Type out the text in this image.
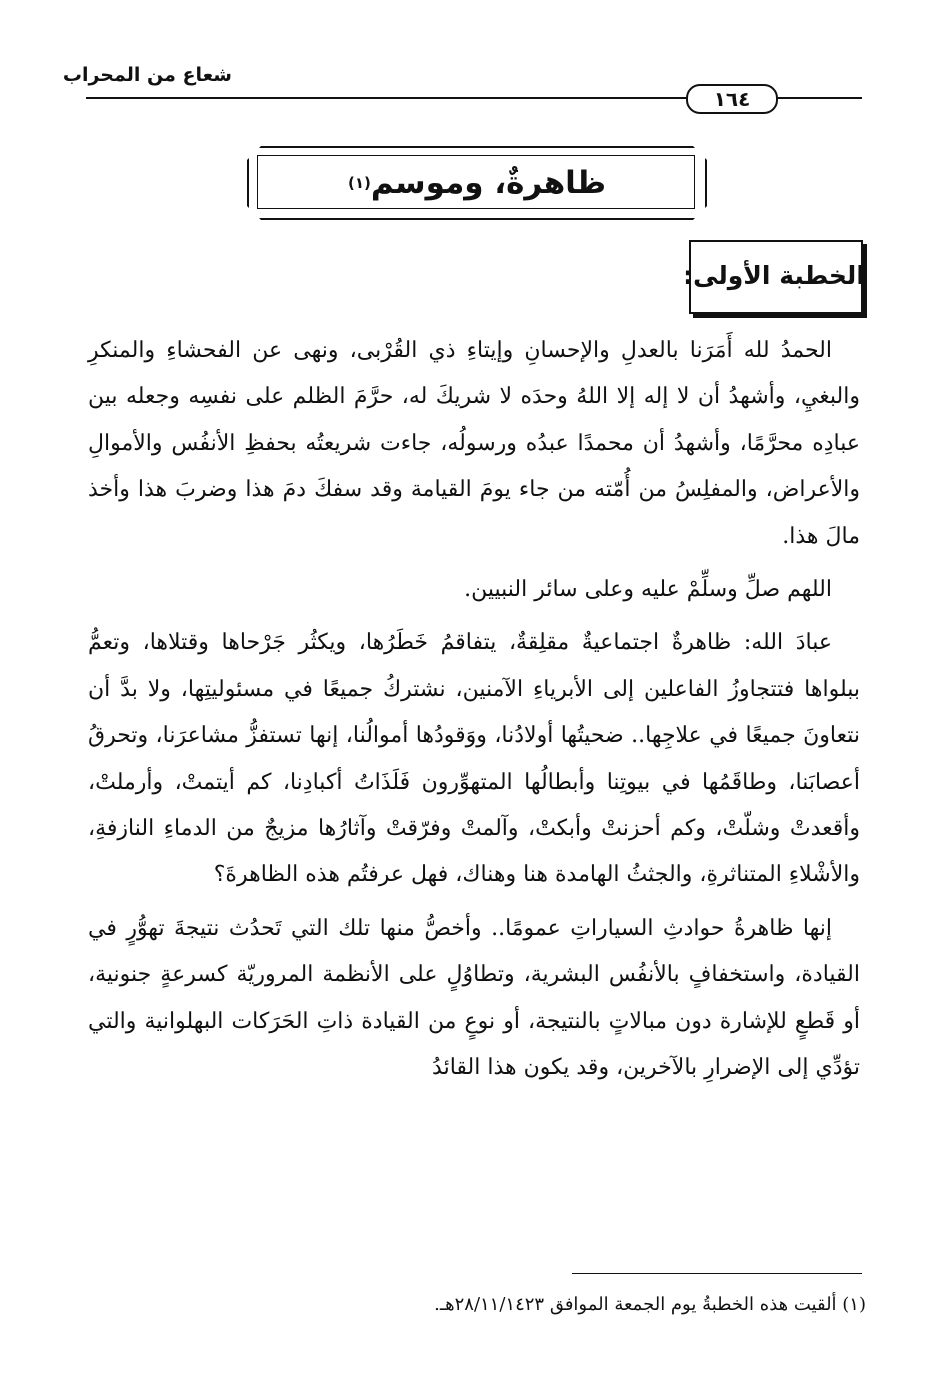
شعاع من المحراب
١٦٤
ظاهرةٌ، وموسم
(١)
الخطبة الأولى:

الحمدُ لله أَمَرَنا بالعدلِ والإحسانِ وإيتاءِ ذي القُرْبى، ونهى عن الفحشاءِ والمنكرِ والبغيِ، وأشهدُ أن لا إله إلا اللهُ وحدَه لا شريكَ له، حرَّمَ الظلم على نفسِه وجعله بين عبادِه محرَّمًا، وأشهدُ أن محمدًا عبدُه ورسولُه، جاءت شريعتُه بحفظِ الأنفُس والأموالِ والأعراض، والمفلِسُ من أُمّته من جاء يومَ القيامة وقد سفكَ دمَ هذا وضربَ هذا وأخذ مالَ هذا.

اللهم صلِّ وسلِّمْ عليه وعلى سائر النبيين.

عبادَ الله: ظاهرةٌ اجتماعيةٌ مقلِقةٌ، يتفاقمُ خَطَرُها، ويكثُر جَرْحاها وقتلاها، وتعمُّ ببلواها فتتجاوزُ الفاعلين إلى الأبرياءِ الآمنين، نشتركُ جميعًا في مسئوليتِها، ولا بدَّ أن نتعاونَ جميعًا في علاجِها.. ضحيتُها أولادُنا، ووَقودُها أموالُنا، إنها تستفزُّ مشاعرَنا، وتحرقُ أعصابَنا، وطاقَمُها في بيوتِنا وأبطالُها المتهوِّرون فَلَذَاتُ أكبادِنا، كم أيتمتْ، وأرملتْ، وأقعدتْ وشلّتْ، وكم أحزنتْ وأبكتْ، وآلمتْ وفرّقتْ وآثارُها مزيجٌ من الدماءِ النازفةِ، والأشْلاءِ المتناثرةِ، والجثثُ الهامدة هنا وهناك، فهل عرفتُم هذه الظاهرةَ؟

إنها ظاهرةُ حوادثِ السياراتِ عمومًا.. وأخصُّ منها تلك التي تَحدُث نتيجةَ تهوُّرٍ في القيادة، واستخفافٍ بالأنفُس البشرية، وتطاوُلٍ على الأنظمة المروريّة كسرعةٍ جنونية، أو قَطعٍ للإشارة دون مبالاتٍ بالنتيجة، أو نوعٍ من القيادة ذاتِ الحَرَكات البهلوانية والتي تؤدِّي إلى الإضرارِ بالآخرين، وقد يكون هذا القائدُ

(١) ألقيت هذه الخطبةُ يوم الجمعة الموافق ٢٨/١١/١٤٢٣هـ.
